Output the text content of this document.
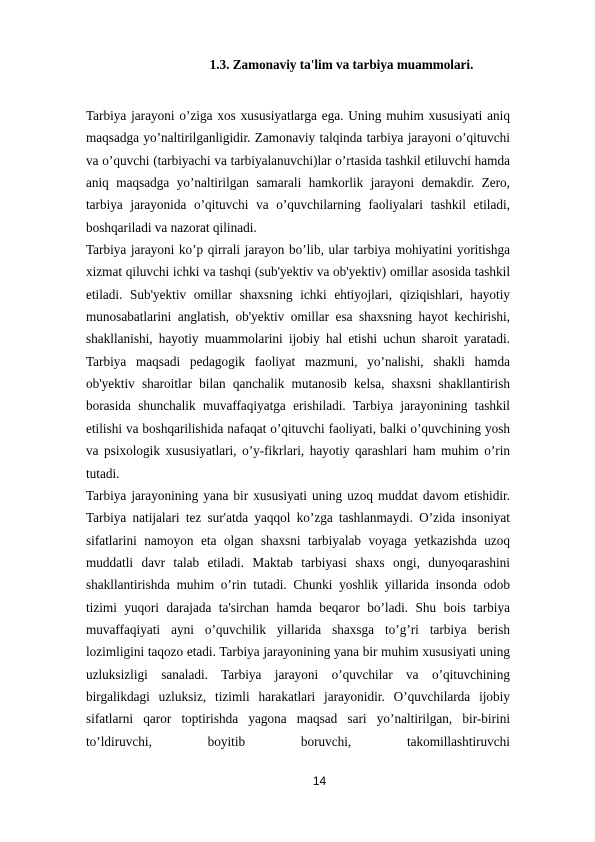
1.3. Zamonaviy ta'lim va tarbiya muammolari.

Tarbiya jarayoni o’ziga xos xususiyatlarga ega. Uning muhim xususiyati aniq maqsadga yo’naltirilganligidir. Zamonaviy talqinda tarbiya jarayoni o’qituvchi va o’quvchi (tarbiyachi va tarbiyalanuvchi)lar o’rtasida tashkil etiluvchi hamda aniq maqsadga yo’naltirilgan samarali hamkorlik jarayoni demakdir. Zero, tarbiya jarayonida o’qituvchi va o’quvchilarning faoliyalari tashkil etiladi, boshqariladi va nazorat qilinadi.

Tarbiya jarayoni ko’p qirrali jarayon bo’lib, ular tarbiya mohiyatini yoritishga xizmat qiluvchi ichki va tashqi (sub'yektiv va ob'yektiv) omillar asosida tashkil etiladi. Sub'yektiv omillar shaxsning ichki ehtiyojlari, qiziqishlari, hayotiy munosabatlarini anglatish, ob'yektiv omillar esa shaxsning hayot kechirishi, shakllanishi, hayotiy muammolarini ijobiy hal etishi uchun sharoit yaratadi. Tarbiya maqsadi pedagogik faoliyat mazmuni, yo’nalishi, shakli hamda ob'yektiv sharoitlar bilan qanchalik mutanosib kelsa, shaxsni shakllantirish borasida shunchalik muvaffaqiyatga erishiladi. Tarbiya jarayonining tashkil etilishi va boshqarilishida nafaqat o’qituvchi faoliyati, balki o’quvchining yosh va psixologik xususiyatlari, o’y-fikrlari, hayotiy qarashlari ham muhim o’rin tutadi.

Tarbiya jarayonining yana bir xususiyati uning uzoq muddat davom etishidir. Tarbiya natijalari tez sur'atda yaqqol ko’zga tashlanmaydi. O’zida insoniyat sifatlarini namoyon eta olgan shaxsni tarbiyalab voyaga yetkazishda uzoq muddatli davr talab etiladi. Maktab tarbiyasi shaxs ongi, dunyoqarashini shakllantirishda muhim o’rin tutadi. Chunki yoshlik yillarida insonda odob tizimi yuqori darajada ta'sirchan hamda beqaror bo’ladi. Shu bois tarbiya muvaffaqiyati ayni o’quvchilik yillarida shaxsga to’g’ri tarbiya berish lozimligini taqozo etadi. Tarbiya jarayonining yana bir muhim xususiyati uning uzluksizligi sanaladi. Tarbiya jarayoni o’quvchilar va o’qituvchining birgalikdagi uzluksiz, tizimli harakatlari jarayonidir. O’quvchilarda ijobiy sifatlarni qaror toptirishda yagona maqsad sari yo’naltirilgan, bir-birini to’ldiruvchi, boyitib boruvchi, takomillashtiruvchi

14
